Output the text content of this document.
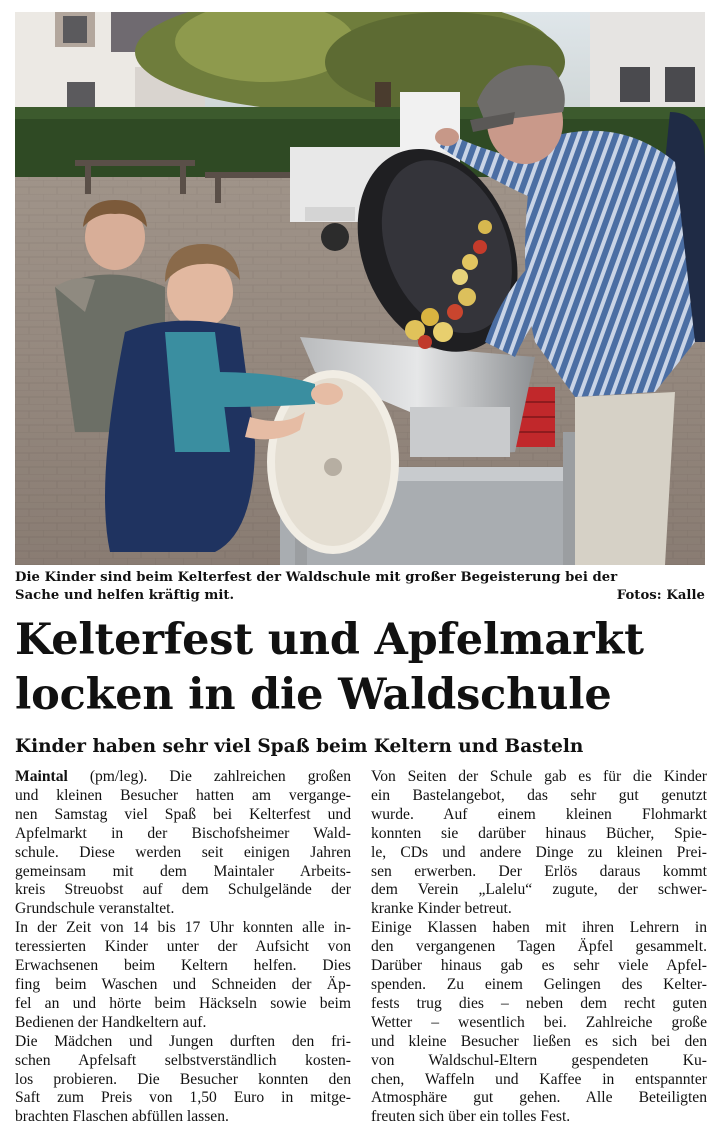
Die Kinder sind beim Kelterfest der Waldschule mit großer Begeisterung bei der
Sache und helfen kräftig mit.	Fotos: Kalle
Kelterfest und Apfelmarkt
locken in die Waldschule
Kinder haben sehr viel Spaß beim Keltern und Basteln
Maintal (pm/leg). Die zahlreichen großen
und kleinen Besucher hatten am vergange-
nen Samstag viel Spaß bei Kelterfest und
Apfelmarkt in der Bischofsheimer Wald-
schule. Diese werden seit einigen Jahren
gemeinsam mit dem Maintaler Arbeits-
kreis Streuobst auf dem Schulgelände der
Grundschule veranstaltet.
In der Zeit von 14 bis 17 Uhr konnten alle in-
teressierten Kinder unter der Aufsicht von
Erwachsenen beim Keltern helfen. Dies
fing beim Waschen und Schneiden der Äp-
fel an und hörte beim Häckseln sowie beim
Bedienen der Handkeltern auf.
Die Mädchen und Jungen durften den fri-
schen Apfelsaft selbstverständlich kosten-
los probieren. Die Besucher konnten den
Saft zum Preis von 1,50 Euro in mitge-
brachten Flaschen abfüllen lassen.
Von Seiten der Schule gab es für die Kinder
ein Bastelangebot, das sehr gut genutzt
wurde. Auf einem kleinen Flohmarkt
konnten sie darüber hinaus Bücher, Spie-
le, CDs und andere Dinge zu kleinen Prei-
sen erwerben. Der Erlös daraus kommt
dem Verein „Lalelu“ zugute, der schwer-
kranke Kinder betreut.
Einige Klassen haben mit ihren Lehrern in
den vergangenen Tagen Äpfel gesammelt.
Darüber hinaus gab es sehr viele Apfel-
spenden. Zu einem Gelingen des Kelter-
fests trug dies – neben dem recht guten
Wetter – wesentlich bei. Zahlreiche große
und kleine Besucher ließen es sich bei den
von Waldschul-Eltern gespendeten Ku-
chen, Waffeln und Kaffee in entspannter
Atmosphäre gut gehen. Alle Beteiligten
freuten sich über ein tolles Fest.
